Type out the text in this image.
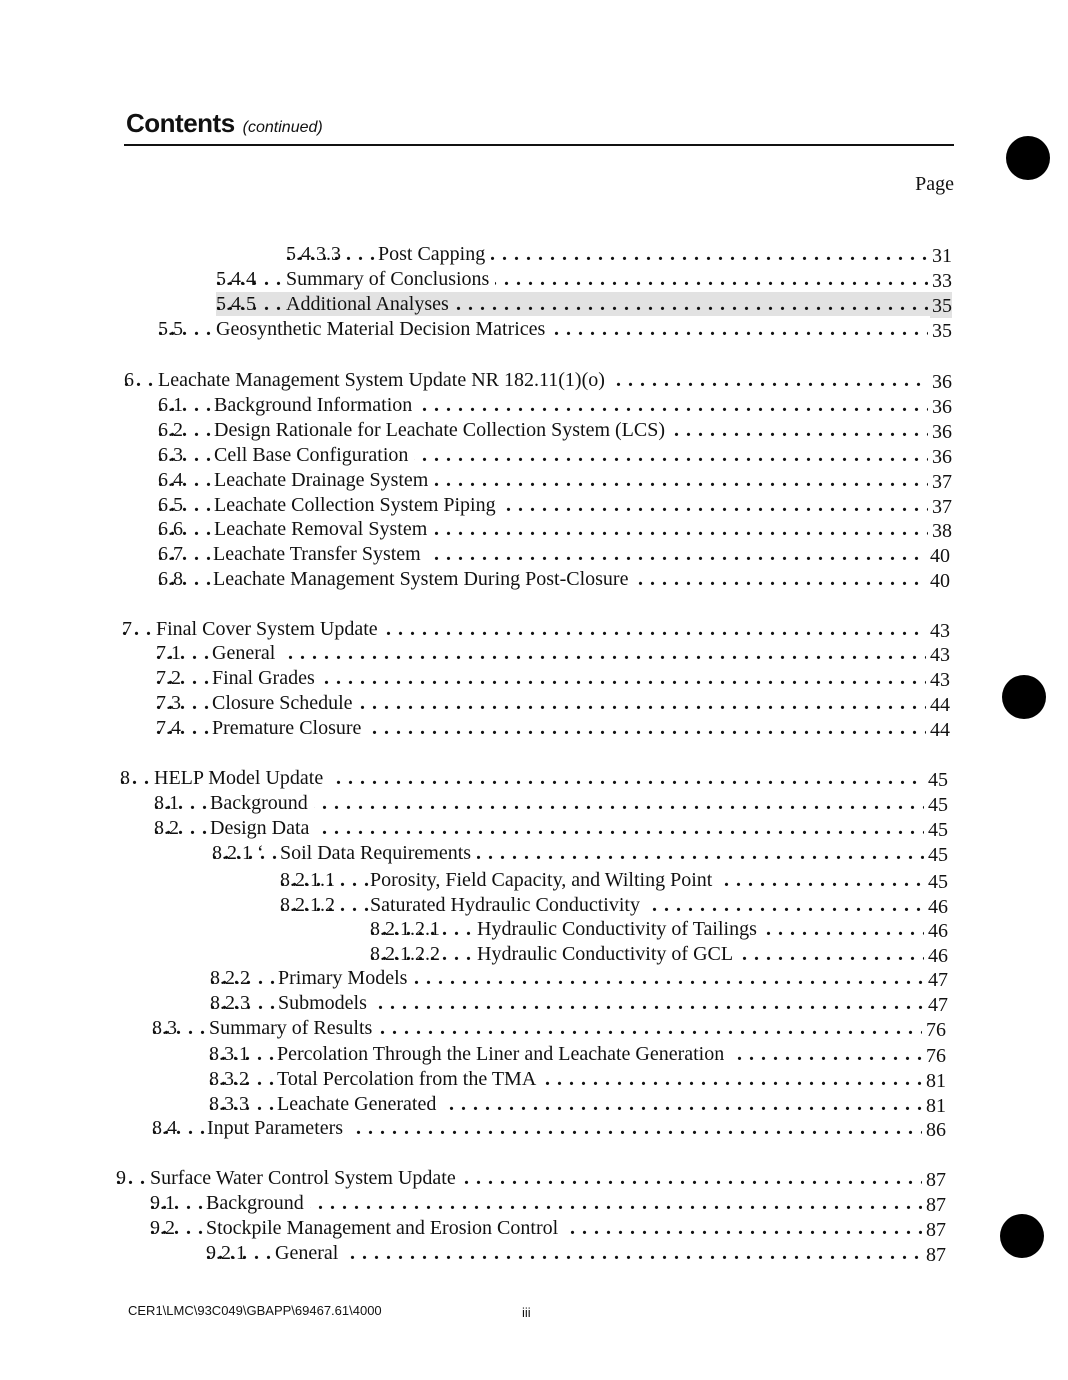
Contents (continued)
Page
. . .
5.4.3.3 Post Capping	31
. . .
5.4.4 Summary of Conclusions	33
. . .
5.4.5 Additional Analyses	35
. . .
5.5 Geosynthetic Material Decision Matrices	35
. . .
6 Leachate Management System Update NR 182.11(1)(o)	36
. . .
6.1 Background Information	36
. . .
6.2 Design Rationale for Leachate Collection System (LCS)	36
. . .
6.3 Cell Base Configuration	36
. . .
6.4 Leachate Drainage System	37
. . .
6.5 Leachate Collection System Piping	37
. . .
6.6 Leachate Removal System	38
. . .
6.7 Leachate Transfer System	40
. . .
6.8 Leachate Management System During Post-Closure	40
. . .
7 Final Cover System Update	43
. . .
7.1 General	43
. . .
7.2 Final Grades	43
. . .
7.3 Closure Schedule	44
. . .
7.4 Premature Closure	44
. . .
8 HELP Model Update	45
. . .
8.1 Background	45
. . .
8.2 Design Data	45
. . .
8.2.1 ‘ Soil Data Requirements	45
. . .
8.2.1.1 Porosity, Field Capacity, and Wilting Point	45
. . .
8.2.1.2 Saturated Hydraulic Conductivity	46
. . .
8.2.1.2.1 Hydraulic Conductivity of Tailings	46
. . .
8.2.1.2.2 Hydraulic Conductivity of GCL	46
. . .
8.2.2 Primary Models	47
. . .
8.2.3 Submodels	47
. . .
8.3 Summary of Results	76
. . .
8.3.1 Percolation Through the Liner and Leachate Generation	76
. . .
8.3.2 Total Percolation from the TMA	81
. . .
8.3.3 Leachate Generated	81
. . .
8.4 Input Parameters	86
. . .
9 Surface Water Control System Update	87
. . .
9.1 Background	87
. . .
9.2 Stockpile Management and Erosion Control	87
. . .
9.2.1 General	87
CER1\LMC\93C049\GBAPP\69467.61\4000	iii
